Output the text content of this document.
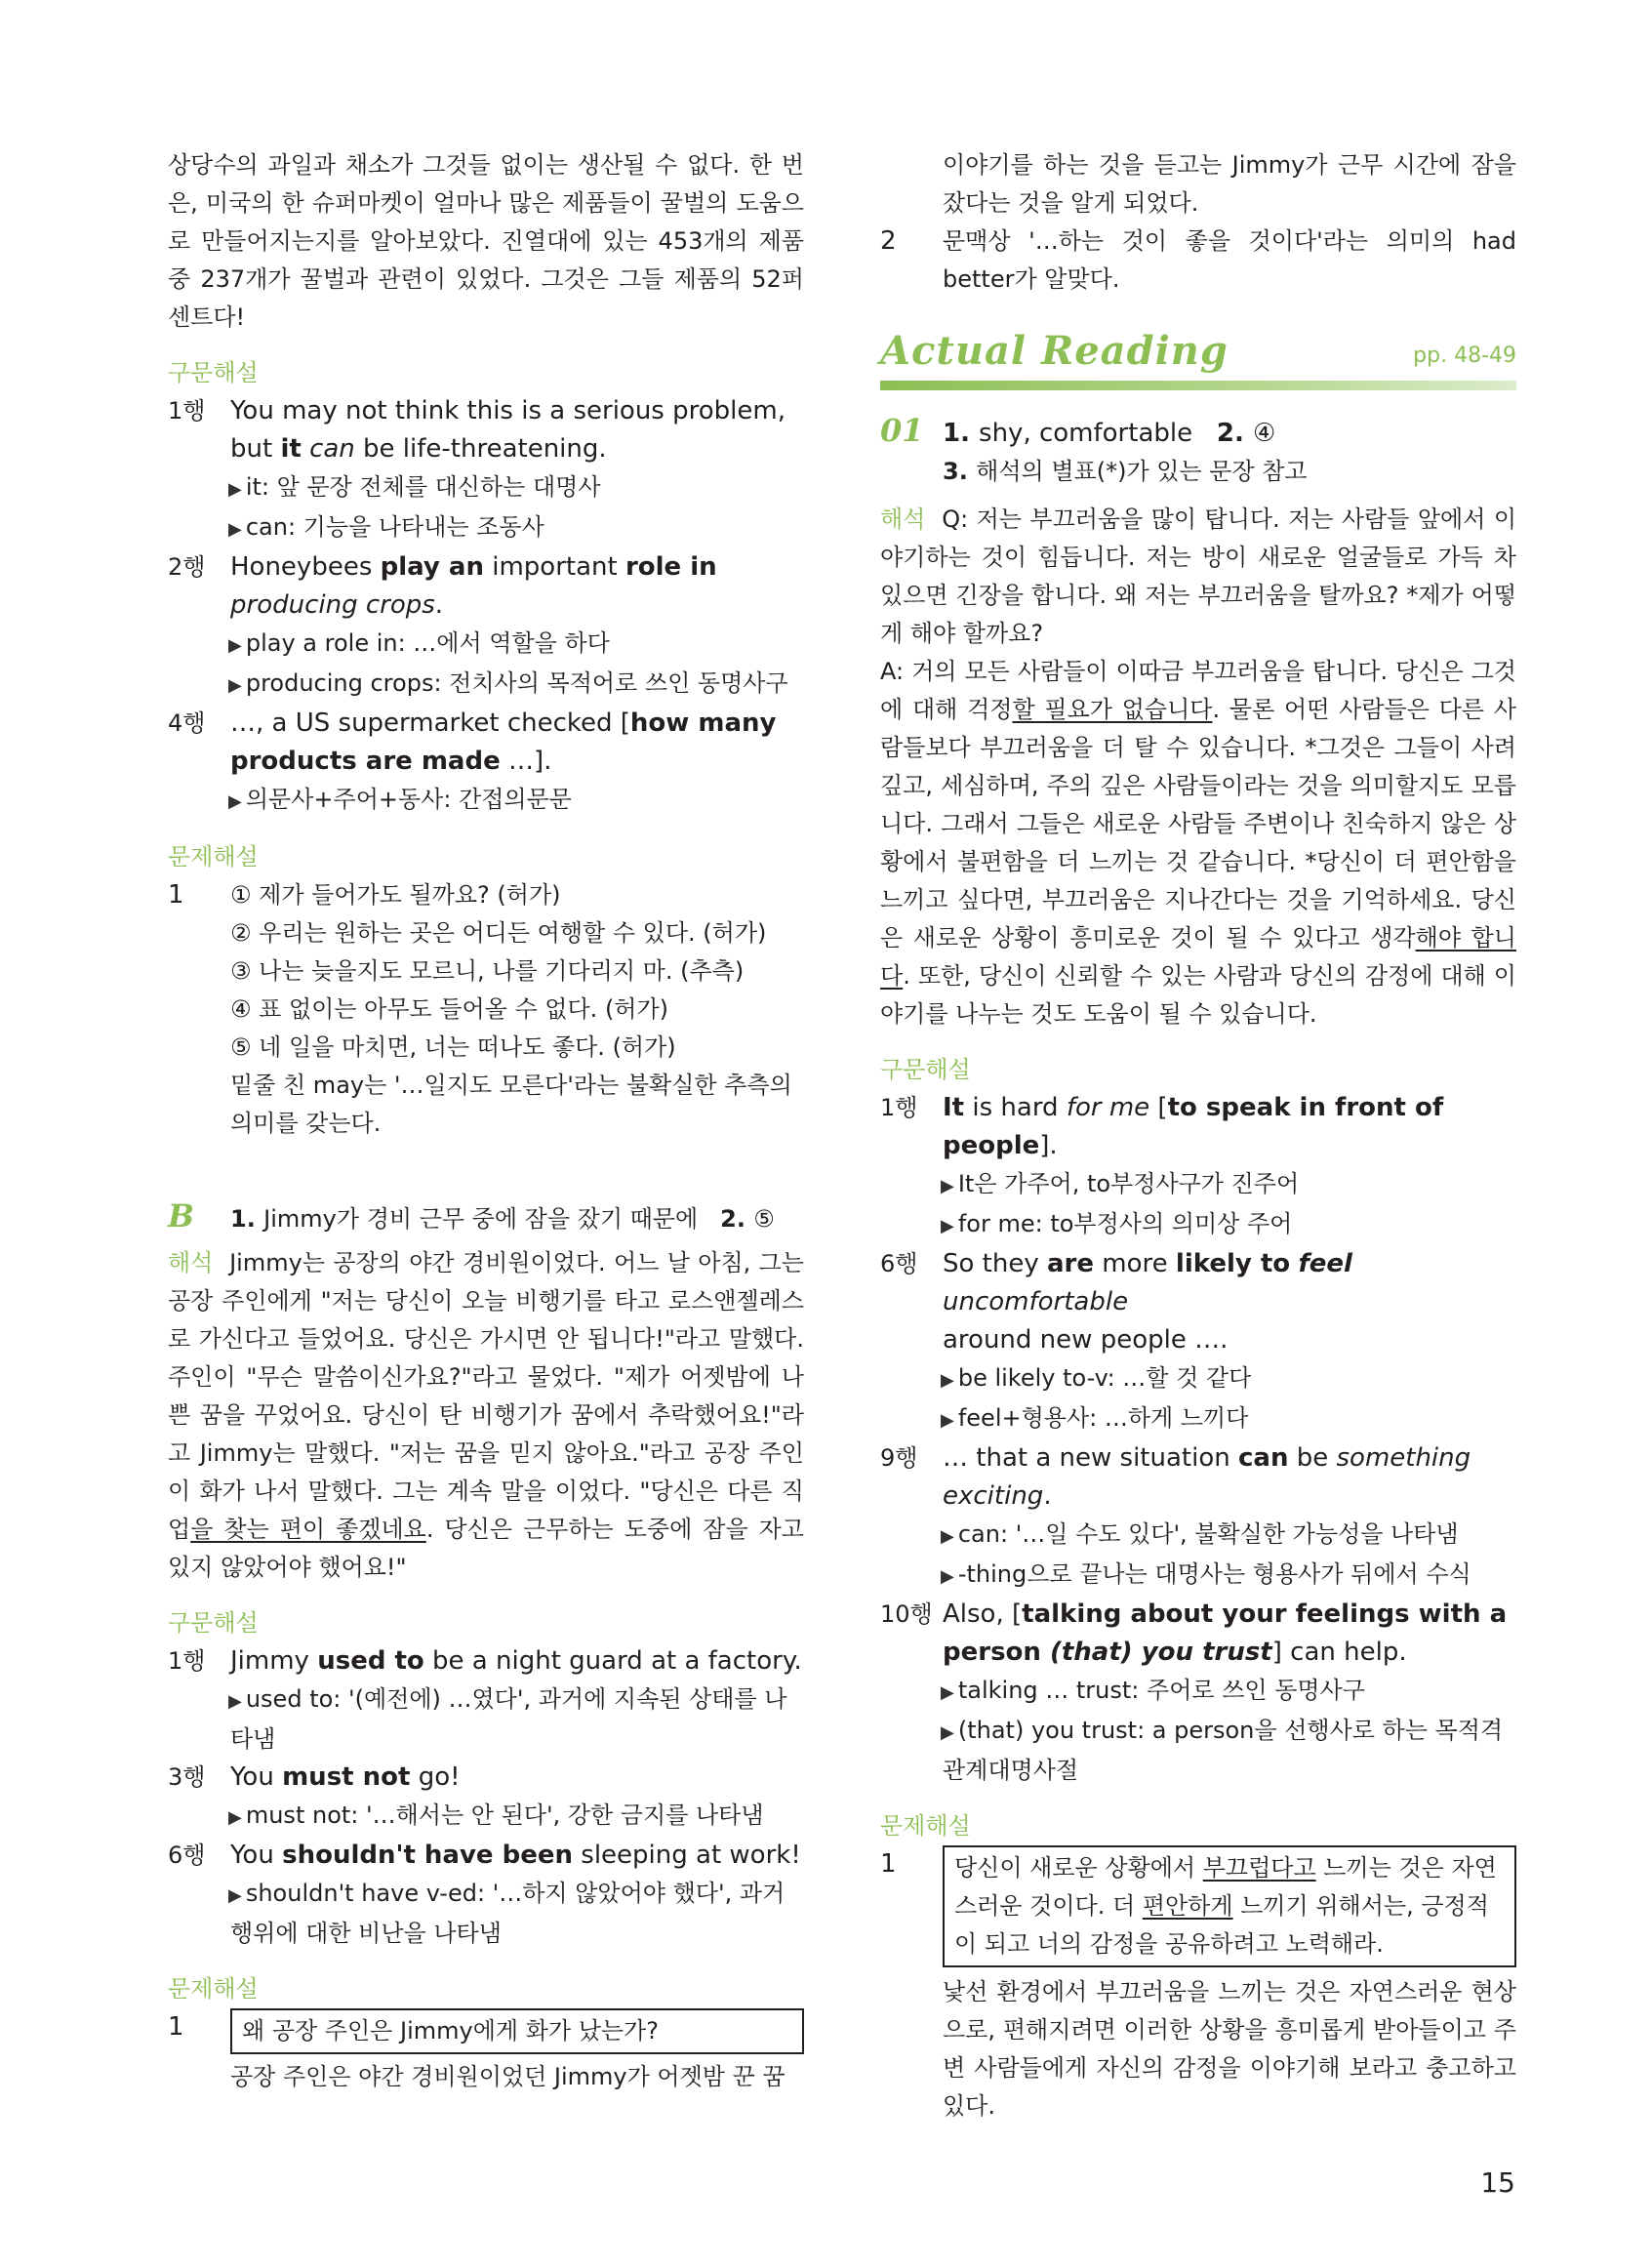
상당수의 과일과 채소가 그것들 없이는 생산될 수 없다. 한 번은, 미국의 한 슈퍼마켓이 얼마나 많은 제품들이 꿀벌의 도움으로 만들어지는지를 알아보았다. 진열대에 있는 453개의 제품 중 237개가 꿀벌과 관련이 있었다. 그것은 그들 제품의 52퍼센트다!

구문해설

1행 You may not think this is a serious problem, but it can be life-threatening.

▶ it: 앞 문장 전체를 대신하는 대명사

▶ can: 기능을 나타내는 조동사

2행 Honeybees play an important role in
producing crops.

▶ play a role in: …에서 역할을 하다

▶ producing crops: 전치사의 목적어로 쓰인 동명사구

4행 …, a US supermarket checked [how many products are made …].

▶ 의문사+주어+동사: 간접의문문

문제해설

1	① 제가 들어가도 될까요? (허가)
② 우리는 원하는 곳은 어디든 여행할 수 있다. (허가)
③ 나는 늦을지도 모르니, 나를 기다리지 마. (추측)
④ 표 없이는 아무도 들어올 수 없다. (허가)
⑤ 네 일을 마치면, 너는 떠나도 좋다. (허가)
밑줄 친 may는 '…일지도 모른다'라는 불확실한 추측의 의미를 갖는다.
B	1. Jimmy가 경비 근무 중에 잠을 잤기 때문에 2. ⑤

해석 Jimmy는 공장의 야간 경비원이었다. 어느 날 아침, 그는 공장 주인에게 "저는 당신이 오늘 비행기를 타고 로스앤젤레스로 가신다고 들었어요. 당신은 가시면 안 됩니다!"라고 말했다. 주인이 "무슨 말씀이신가요?"라고 물었다. "제가 어젯밤에 나쁜 꿈을 꾸었어요. 당신이 탄 비행기가 꿈에서 추락했어요!"라고 Jimmy는 말했다. "저는 꿈을 믿지 않아요."라고 공장 주인이 화가 나서 말했다. 그는 계속 말을 이었다. "당신은 다른 직업을 찾는 편이 좋겠네요. 당신은 근무하는 도중에 잠을 자고 있지 않았어야 했어요!"

구문해설

1행 Jimmy used to be a night guard at a factory.

▶ used to: '(예전에) …였다', 과거에 지속된 상태를 나타냄

3행 You must not go!

▶ must not: '…해서는 안 된다', 강한 금지를 나타냄

6행 You shouldn't have been sleeping at work!

▶ shouldn't have v-ed: '…하지 않았어야 했다', 과거 행위에 대한 비난을 나타냄

문제해설

1	왜 공장 주인은 Jimmy에게 화가 났는가?

공장 주인은 야간 경비원이었던 Jimmy가 어젯밤 꾼 꿈

이야기를 하는 것을 듣고는 Jimmy가 근무 시간에 잠을 잤다는 것을 알게 되었다.
2	문맥상 '…하는 것이 좋을 것이다'라는 의미의 had better가 알맞다.
Actual Reading	pp. 48-49
01 1. shy, comfortable 2. ④
3. 해석의 별표(*)가 있는 문장 참고

해석 Q: 저는 부끄러움을 많이 탑니다. 저는 사람들 앞에서 이야기하는 것이 힘듭니다. 저는 방이 새로운 얼굴들로 가득 차 있으면 긴장을 합니다. 왜 저는 부끄러움을 탈까요? *제가 어떻게 해야 할까요?

A: 거의 모든 사람들이 이따금 부끄러움을 탑니다. 당신은 그것에 대해 걱정할 필요가 없습니다. 물론 어떤 사람들은 다른 사람들보다 부끄러움을 더 탈 수 있습니다. *그것은 그들이 사려 깊고, 세심하며, 주의 깊은 사람들이라는 것을 의미할지도 모릅니다. 그래서 그들은 새로운 사람들 주변이나 친숙하지 않은 상황에서 불편함을 더 느끼는 것 같습니다. *당신이 더 편안함을 느끼고 싶다면, 부끄러움은 지나간다는 것을 기억하세요. 당신은 새로운 상황이 흥미로운 것이 될 수 있다고 생각해야 합니다. 또한, 당신이 신뢰할 수 있는 사람과 당신의 감정에 대해 이야기를 나누는 것도 도움이 될 수 있습니다.

구문해설

1행 It is hard for me [to speak in front of people].

▶ It은 가주어, to부정사구가 진주어

▶ for me: to부정사의 의미상 주어

6행 So they are more likely to feel uncomfortable
around new people ….

▶ be likely to-v: …할 것 같다

▶ feel+형용사: …하게 느끼다

9행 … that a new situation can be something
exciting.

▶ can: '…일 수도 있다', 불확실한 가능성을 나타냄

▶ -thing으로 끝나는 대명사는 형용사가 뒤에서 수식

10행 Also, [talking about your feelings with a person (that) you trust] can help.

▶ talking … trust: 주어로 쓰인 동명사구

▶ (that) you trust: a person을 선행사로 하는 목적격 관계대명사절

문제해설

1	당신이 새로운 상황에서 부끄럽다고 느끼는 것은 자연스러운 것이다. 더 편안하게 느끼기 위해서는, 긍정적이 되고 너의 감정을 공유하려고 노력해라.

낯선 환경에서 부끄러움을 느끼는 것은 자연스러운 현상으로, 편해지려면 이러한 상황을 흥미롭게 받아들이고 주변 사람들에게 자신의 감정을 이야기해 보라고 충고하고 있다.

15
